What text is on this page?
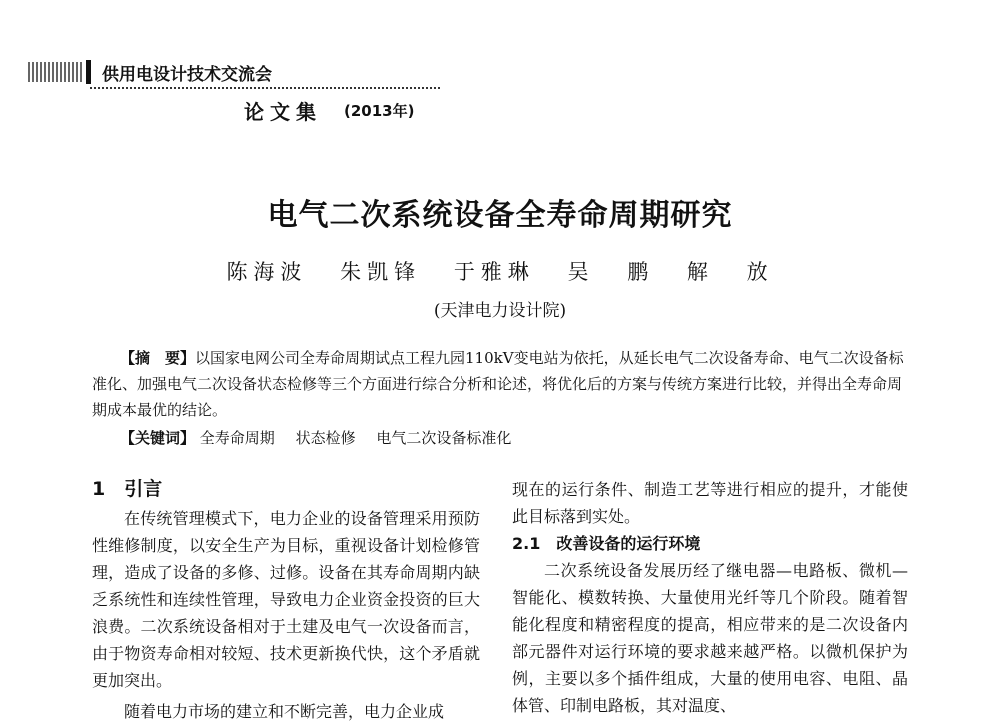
供用电设计技术交流会
论文集 (2013年)
电气二次系统设备全寿命周期研究
陈海波 朱凯锋 于雅琳 吴 鹏 解 放
(天津电力设计院)
【摘　要】以国家电网公司全寿命周期试点工程九园110kV变电站为依托，从延长电气二次设备寿命、电气二次设备标准化、加强电气二次设备状态检修等三个方面进行综合分析和论述，将优化后的方案与传统方案进行比较，并得出全寿命周期成本最优的结论。
【关键词】 全寿命周期 状态检修 电气二次设备标准化
1　引言

在传统管理模式下，电力企业的设备管理采用预防性维修制度，以安全生产为目标，重视设备计划检修管理，造成了设备的多修、过修。设备在其寿命周期内缺乏系统性和连续性管理，导致电力企业资金投资的巨大浪费。二次系统设备相对于土建及电气一次设备而言，由于物资寿命相对较短、技术更新换代快，这个矛盾就更加突出。

随着电力市场的建立和不断完善，电力企业成

现在的运行条件、制造工艺等进行相应的提升，才能使此目标落到实处。

2.1　改善设备的运行环境

二次系统设备发展历经了继电器—电路板、微机—智能化、模数转换、大量使用光纤等几个阶段。随着智能化程度和精密程度的提高，相应带来的是二次设备内部元器件对运行环境的要求越来越严格。以微机保护为例，主要以多个插件组成，大量的使用电容、电阻、晶体管、印制电路板，其对温度、
